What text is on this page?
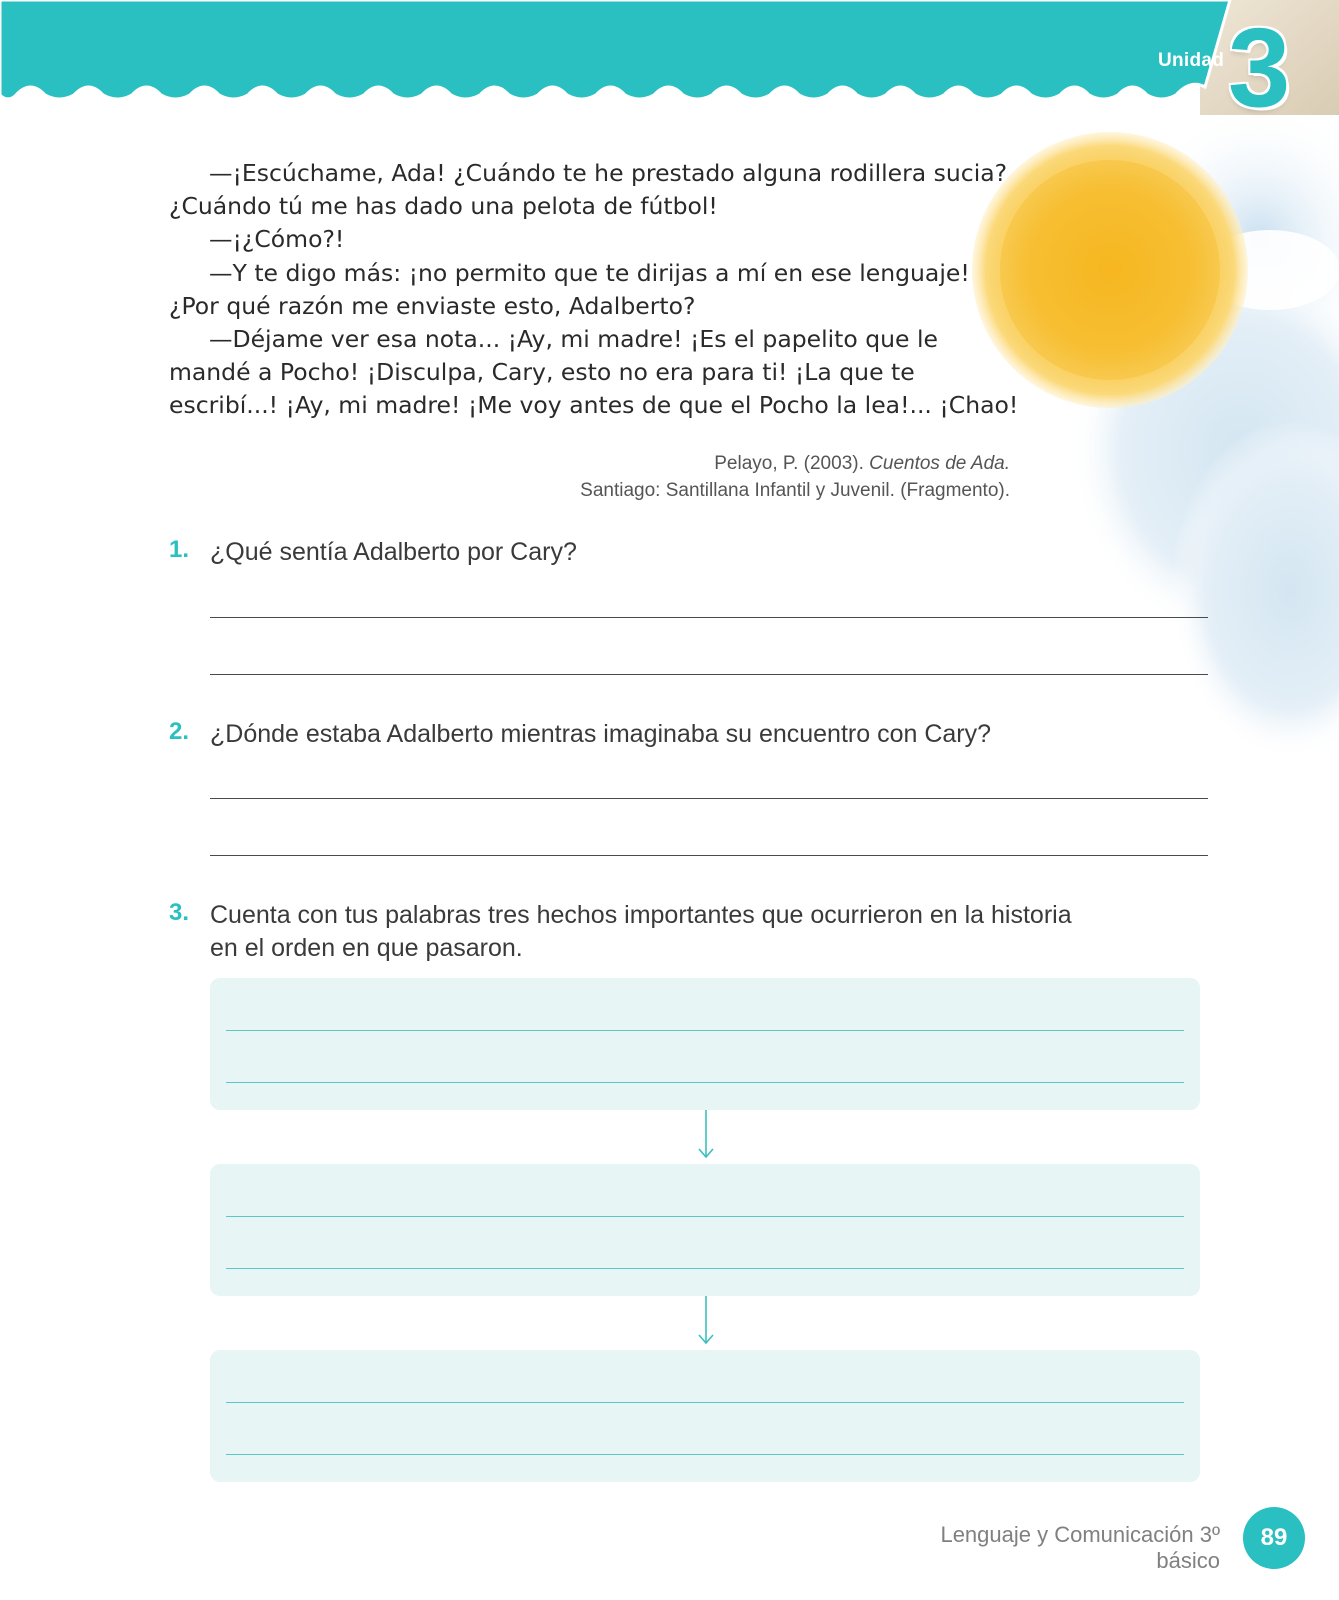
Unidad 3

—¡Escúchame, Ada! ¿Cuándo te he prestado alguna rodillera sucia? ¿Cuándo tú me has dado una pelota de fútbol!

—¡¿Cómo?!

—Y te digo más: ¡no permito que te dirijas a mí en ese lenguaje! ¿Por qué razón me enviaste esto, Adalberto?

—Déjame ver esa nota... ¡Ay, mi madre! ¡Es el papelito que le mandé a Pocho! ¡Disculpa, Cary, esto no era para ti! ¡La que te escribí...! ¡Ay, mi madre! ¡Me voy antes de que el Pocho la lea!... ¡Chao!

Pelayo, P. (2003). Cuentos de Ada.
Santiago: Santillana Infantil y Juvenil. (Fragmento).
1. ¿Qué sentía Adalberto por Cary?
2. ¿Dónde estaba Adalberto mientras imaginaba su encuentro con Cary?
3. Cuenta con tus palabras tres hechos importantes que ocurrieron en la historia en el orden en que pasaron.
Lenguaje y Comunicación 3º básico
89
